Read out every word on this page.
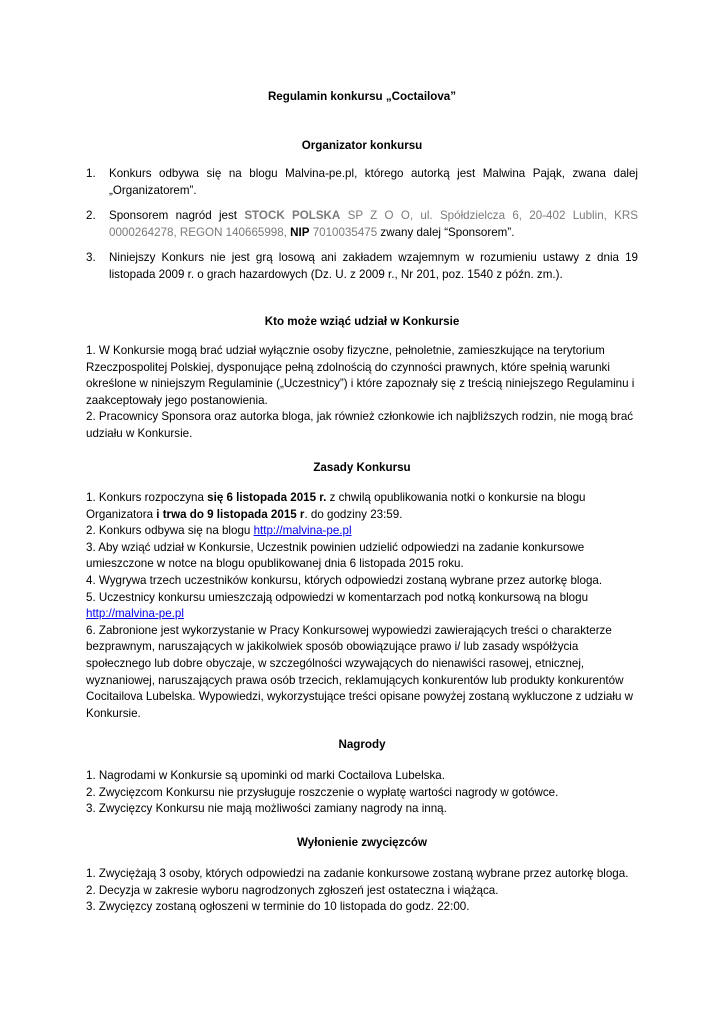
Regulamin konkursu „Coctailova”
Organizator konkursu
1. Konkurs odbywa się na blogu Malvina-pe.pl, którego autorką jest Malwina Pająk, zwana dalej „Organizatorem”.
2. Sponsorem nagród jest STOCK POLSKA SP Z O O, ul. Spółdzielcza 6, 20-402 Lublin, KRS 0000264278, REGON 140665998, NIP 7010035475 zwany dalej “Sponsorem”.
3. Niniejszy Konkurs nie jest grą losową ani zakładem wzajemnym w rozumieniu ustawy z dnia 19 listopada 2009 r. o grach hazardowych (Dz. U. z 2009 r., Nr 201, poz. 1540 z późn. zm.).
Kto może wziąć udział w Konkursie

1. W Konkursie mogą brać udział wyłącznie osoby fizyczne, pełnoletnie, zamieszkujące na terytorium Rzeczpospolitej Polskiej, dysponujące pełną zdolnością do czynności prawnych, które spełnią warunki określone w niniejszym Regulaminie („Uczestnicy”) i które zapoznały się z treścią niniejszego Regulaminu i zaakceptowały jego postanowienia.

2. Pracownicy Sponsora oraz autorka bloga, jak również członkowie ich najbliższych rodzin, nie mogą brać udziału w Konkursie.

Zasady Konkursu

1. Konkurs rozpoczyna się 6 listopada 2015 r. z chwilą opublikowania notki o konkursie na blogu Organizatora i trwa do 9 listopada 2015 r. do godziny 23:59.

2. Konkurs odbywa się na blogu http://malvina-pe.pl

3. Aby wziąć udział w Konkursie, Uczestnik powinien udzielić odpowiedzi na zadanie konkursowe umieszczone w notce na blogu opublikowanej dnia 6 listopada 2015 roku.

4. Wygrywa trzech uczestników konkursu, których odpowiedzi zostaną wybrane przez autorkę bloga.

5. Uczestnicy konkursu umieszczają odpowiedzi w komentarzach pod notką konkursową na blogu http://malvina-pe.pl

6. Zabronione jest wykorzystanie w Pracy Konkursowej wypowiedzi zawierających treści o charakterze bezprawnym, naruszających w jakikolwiek sposób obowiązujące prawo i/ lub zasady współżycia społecznego lub dobre obyczaje, w szczególności wzywających do nienawiści rasowej, etnicznej, wyznaniowej, naruszających prawa osób trzecich, reklamujących konkurentów lub produkty konkurentów Cocitailova Lubelska. Wypowiedzi, wykorzystujące treści opisane powyżej zostaną wykluczone z udziału w Konkursie.

Nagrody

1. Nagrodami w Konkursie są upominki od marki Coctailova Lubelska.

2. Zwycięzcom Konkursu nie przysługuje roszczenie o wypłatę wartości nagrody w gotówce.

3. Zwycięzcy Konkursu nie mają możliwości zamiany nagrody na inną.

Wyłonienie zwycięzców

1. Zwyciężają 3 osoby, których odpowiedzi na zadanie konkursowe zostaną wybrane przez autorkę bloga.

2. Decyzja w zakresie wyboru nagrodzonych zgłoszeń jest ostateczna i wiążąca.

3. Zwycięzcy zostaną ogłoszeni w terminie do 10 listopada do godz. 22:00.
